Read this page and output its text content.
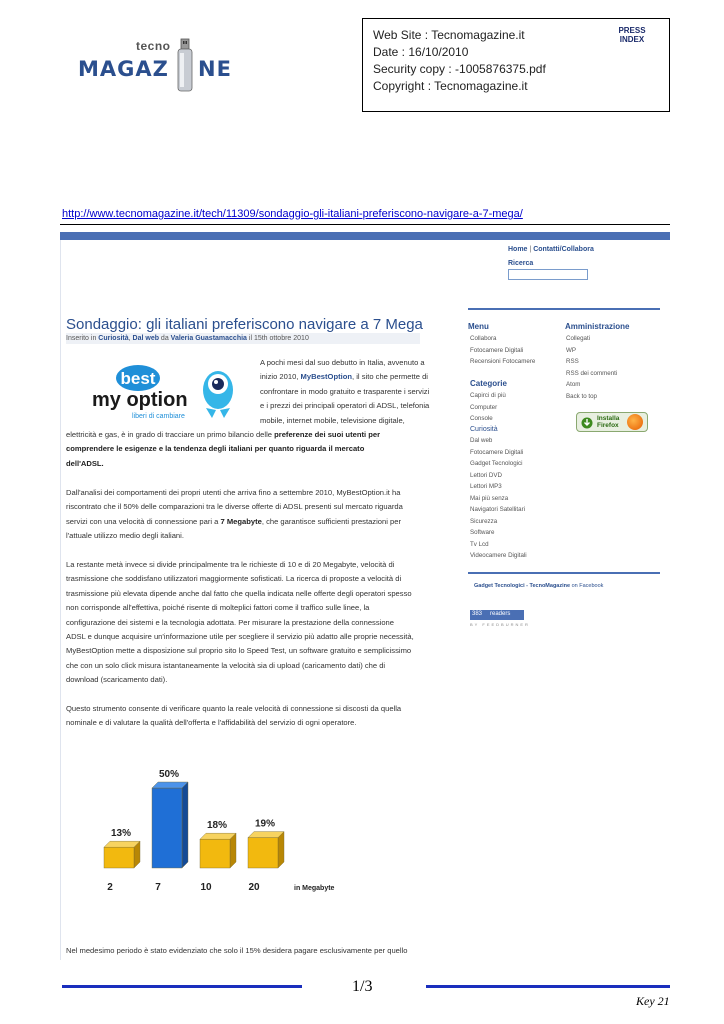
Web Site : Tecnomagazine.it
Date : 16/10/2010
Security copy : -1005876375.pdf
Copyright : Tecnomagazine.it
PRESS
INDEX
tecno
MAGAZ NE
http://www.tecnomagazine.it/tech/11309/sondaggio-gli-italiani-preferiscono-navigare-a-7-mega/
Home | Contatti/Collabora
Ricerca
Sondaggio: gli italiani preferiscono navigare a 7 Mega
Inserito in Curiosità, Dal web da Valeria Guastamacchia il 15th ottobre 2010
best
my option
liberi di cambiare
A pochi mesi dal suo debutto in Italia, avvenuto a
inizio 2010, MyBestOption, il sito che permette di
confrontare in modo gratuito e trasparente i servizi
e i prezzi dei principali operatori di ADSL, telefonia
mobile, internet mobile, televisione digitale,
elettricità e gas, è in grado di tracciare un primo bilancio delle preferenze dei suoi utenti per
comprendere le esigenze e la tendenza degli italiani per quanto riguarda il mercato
dell'ADSL.
Dall'analisi dei comportamenti dei propri utenti che arriva fino a settembre 2010, MyBestOption.it ha
riscontrato che il 50% delle comparazioni tra le diverse offerte di ADSL presenti sul mercato riguarda
servizi con una velocità di connessione pari a 7 Megabyte, che garantisce sufficienti prestazioni per
l'attuale utilizzo medio degli italiani.
La restante metà invece si divide principalmente tra le richieste di 10 e di 20 Megabyte, velocità di
trasmissione che soddisfano utilizzatori maggiormente sofisticati. La ricerca di proposte a velocità di
trasmissione più elevata dipende anche dal fatto che quella indicata nelle offerte degli operatori spesso
non corrisponde all'effettiva, poiché risente di molteplici fattori come il traffico sulle linee, la
configurazione dei sistemi e la tecnologia adottata. Per misurare la prestazione della connessione
ADSL e dunque acquisire un'informazione utile per scegliere il servizio più adatto alle proprie necessità,
MyBestOption mette a disposizione sul proprio sito lo Speed Test, un software gratuito e semplicissimo
che con un solo click misura istantaneamente la velocità sia di upload (caricamento dati) che di
download (scaricamento dati).
Questo strumento consente di verificare quanto la reale velocità di connessione si discosti da quella
nominale e di valutare la qualità dell'offerta e l'affidabilità del servizio di ogni operatore.
13%
2
50%
7
18%
10
19%
20	in Megabyte
Menu
Collabora
Fotocamere Digitali
Recensioni Fotocamere
Amministrazione
Collegati
WP
RSS
RSS dei commenti
Atom
Back to top
Categorie
Capirci di più
Computer
Console
Curiosità
Dal web
Fotocamere Digitali
Gadget Tecnologici
Lettori DVD
Lettori MP3
Mai più senza
Navigatori Satellitari
Sicurezza
Software
Tv Lcd
Videocamere Digitali
Installa
Firefox
Gadget Tecnologici - TecnoMagazine on Facebook
383 readers
BY FEEDBURNER
Nel medesimo periodo è stato evidenziato che solo il 15% desidera pagare esclusivamente per quello
1/3
Key 21
